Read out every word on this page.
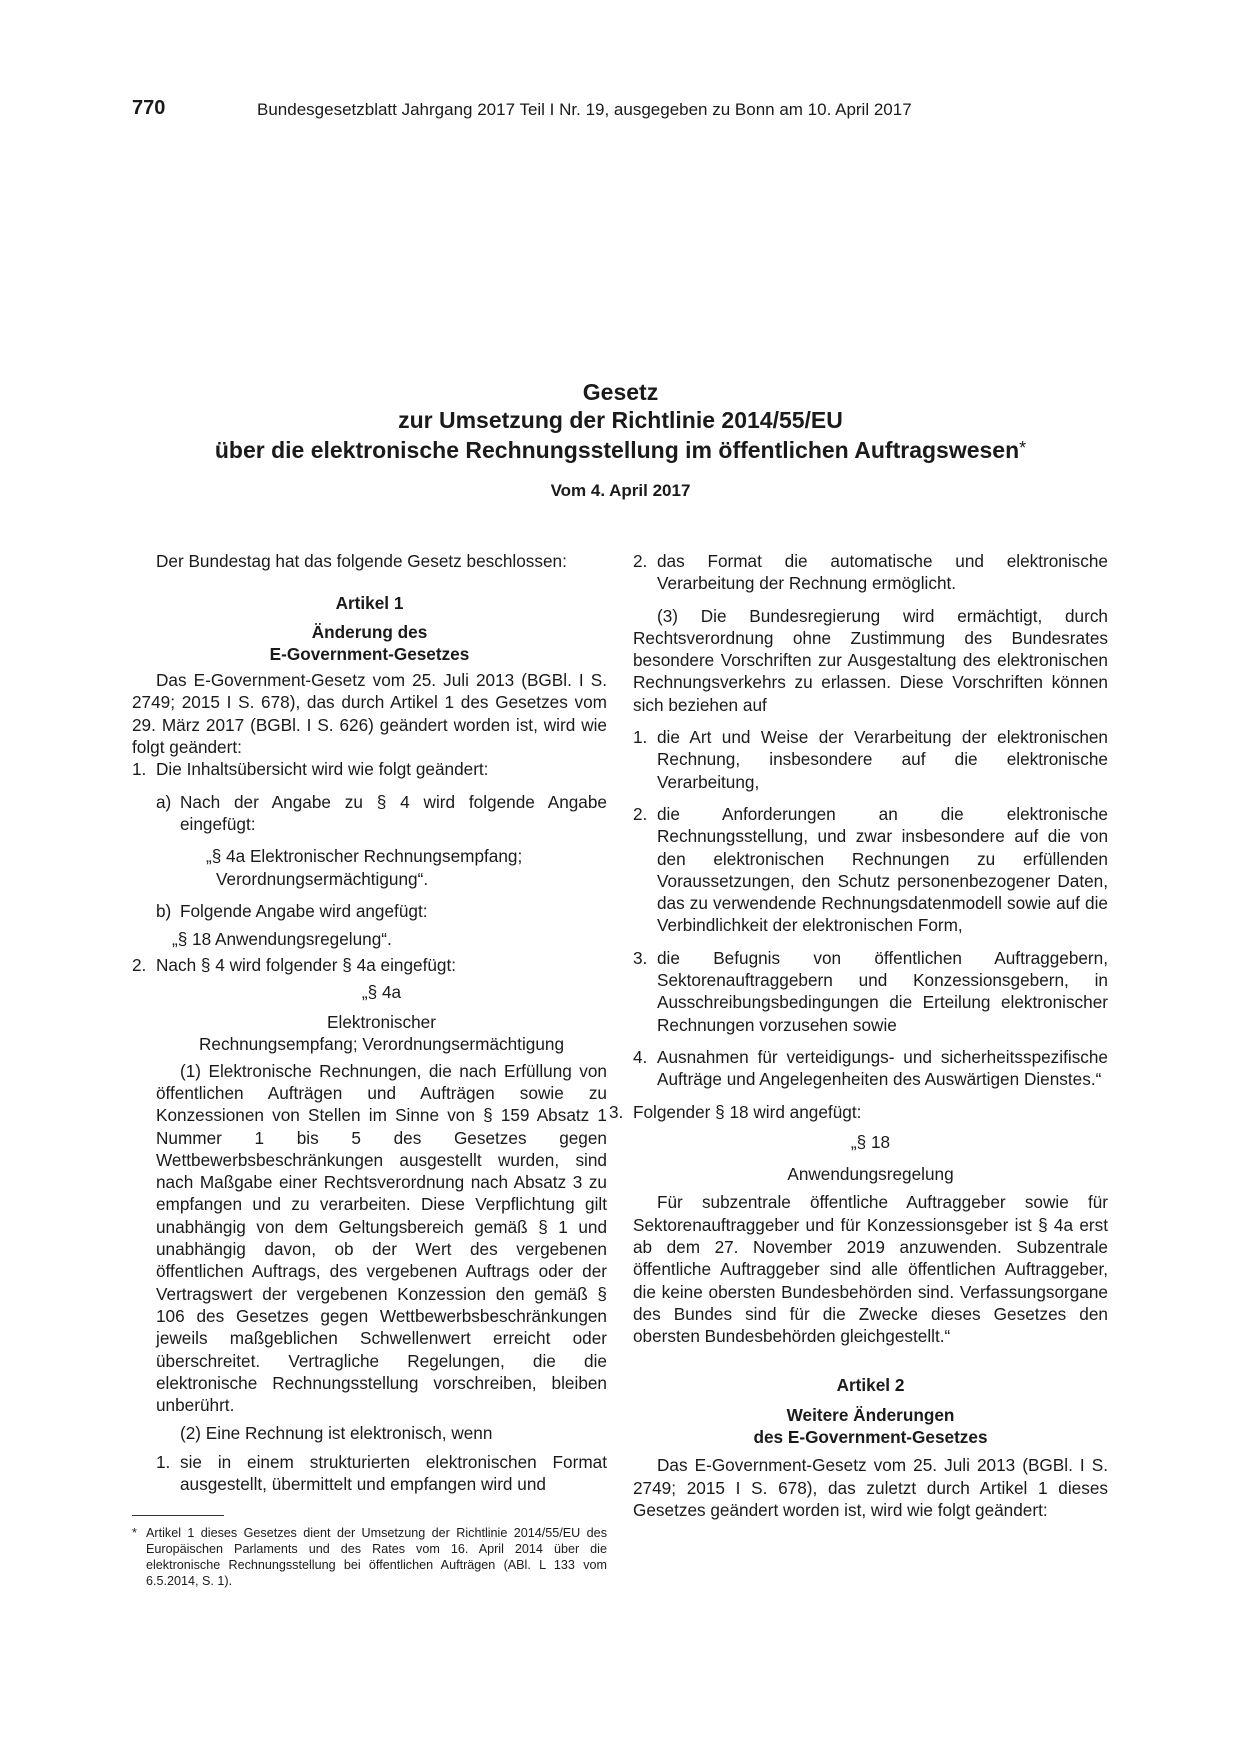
770	Bundesgesetzblatt Jahrgang 2017 Teil I Nr. 19, ausgegeben zu Bonn am 10. April 2017
Gesetz
zur Umsetzung der Richtlinie 2014/55/EU
über die elektronische Rechnungsstellung im öffentlichen Auftragswesen*
Vom 4. April 2017

Der Bundestag hat das folgende Gesetz beschlossen:

Artikel 1

Änderung des

E-Government-Gesetzes

Das E-Government-Gesetz vom 25. Juli 2013 (BGBl. I S. 2749; 2015 I S. 678), das durch Artikel 1 des Gesetzes vom 29. März 2017 (BGBl. I S. 626) geändert worden ist, wird wie folgt geändert:

1. Die Inhaltsübersicht wird wie folgt geändert:
a) Nach der Angabe zu § 4 wird folgende Angabe eingefügt:

„§ 4a Elektronischer Rechnungsempfang; Verordnungsermächtigung“.

b) Folgende Angabe wird angefügt:

„§ 18 Anwendungsregelung“.

2. Nach § 4 wird folgender § 4a eingefügt:

„§ 4a

Elektronischer

Rechnungsempfang; Verordnungsermächtigung

(1) Elektronische Rechnungen, die nach Erfüllung von öffentlichen Aufträgen und Aufträgen sowie zu Konzessionen von Stellen im Sinne von § 159 Absatz 1 Nummer 1 bis 5 des Gesetzes gegen Wettbewerbsbeschränkungen ausgestellt wurden, sind nach Maßgabe einer Rechtsverordnung nach Absatz 3 zu empfangen und zu verarbeiten. Diese Verpflichtung gilt unabhängig von dem Geltungsbereich gemäß § 1 und unabhängig davon, ob der Wert des vergebenen öffentlichen Auftrags, des vergebenen Auftrags oder der Vertragswert der vergebenen Konzession den gemäß § 106 des Gesetzes gegen Wettbewerbsbeschränkungen jeweils maßgeblichen Schwellenwert erreicht oder überschreitet. Vertragliche Regelungen, die die elektronische Rechnungsstellung vorschreiben, bleiben unberührt.

(2) Eine Rechnung ist elektronisch, wenn

1. sie in einem strukturierten elektronischen Format ausgestellt, übermittelt und empfangen wird und
2. das Format die automatische und elektronische Verarbeitung der Rechnung ermöglicht.

(3) Die Bundesregierung wird ermächtigt, durch Rechtsverordnung ohne Zustimmung des Bundesrates besondere Vorschriften zur Ausgestaltung des elektronischen Rechnungsverkehrs zu erlassen. Diese Vorschriften können sich beziehen auf

1. die Art und Weise der Verarbeitung der elektronischen Rechnung, insbesondere auf die elektronische Verarbeitung,
2. die Anforderungen an die elektronische Rechnungsstellung, und zwar insbesondere auf die von den elektronischen Rechnungen zu erfüllenden Voraussetzungen, den Schutz personenbezogener Daten, das zu verwendende Rechnungsdatenmodell sowie auf die Verbindlichkeit der elektronischen Form,
3. die Befugnis von öffentlichen Auftraggebern, Sektorenauftraggebern und Konzessionsgebern, in Ausschreibungsbedingungen die Erteilung elektronischer Rechnungen vorzusehen sowie
4. Ausnahmen für verteidigungs- und sicherheitsspezifische Aufträge und Angelegenheiten des Auswärtigen Dienstes.“
3. Folgender § 18 wird angefügt:

„§ 18

Anwendungsregelung

Für subzentrale öffentliche Auftraggeber sowie für Sektorenauftraggeber und für Konzessionsgeber ist § 4a erst ab dem 27. November 2019 anzuwenden. Subzentrale öffentliche Auftraggeber sind alle öffentlichen Auftraggeber, die keine obersten Bundesbehörden sind. Verfassungsorgane des Bundes sind für die Zwecke dieses Gesetzes den obersten Bundesbehörden gleichgestellt.“

Artikel 2

Weitere Änderungen

des E-Government-Gesetzes

Das E-Government-Gesetz vom 25. Juli 2013 (BGBl. I S. 2749; 2015 I S. 678), das zuletzt durch Artikel 1 dieses Gesetzes geändert worden ist, wird wie folgt geändert:

* Artikel 1 dieses Gesetzes dient der Umsetzung der Richtlinie 2014/55/EU des Europäischen Parlaments und des Rates vom 16. April 2014 über die elektronische Rechnungsstellung bei öffentlichen Aufträgen (ABl. L 133 vom 6.5.2014, S. 1).
